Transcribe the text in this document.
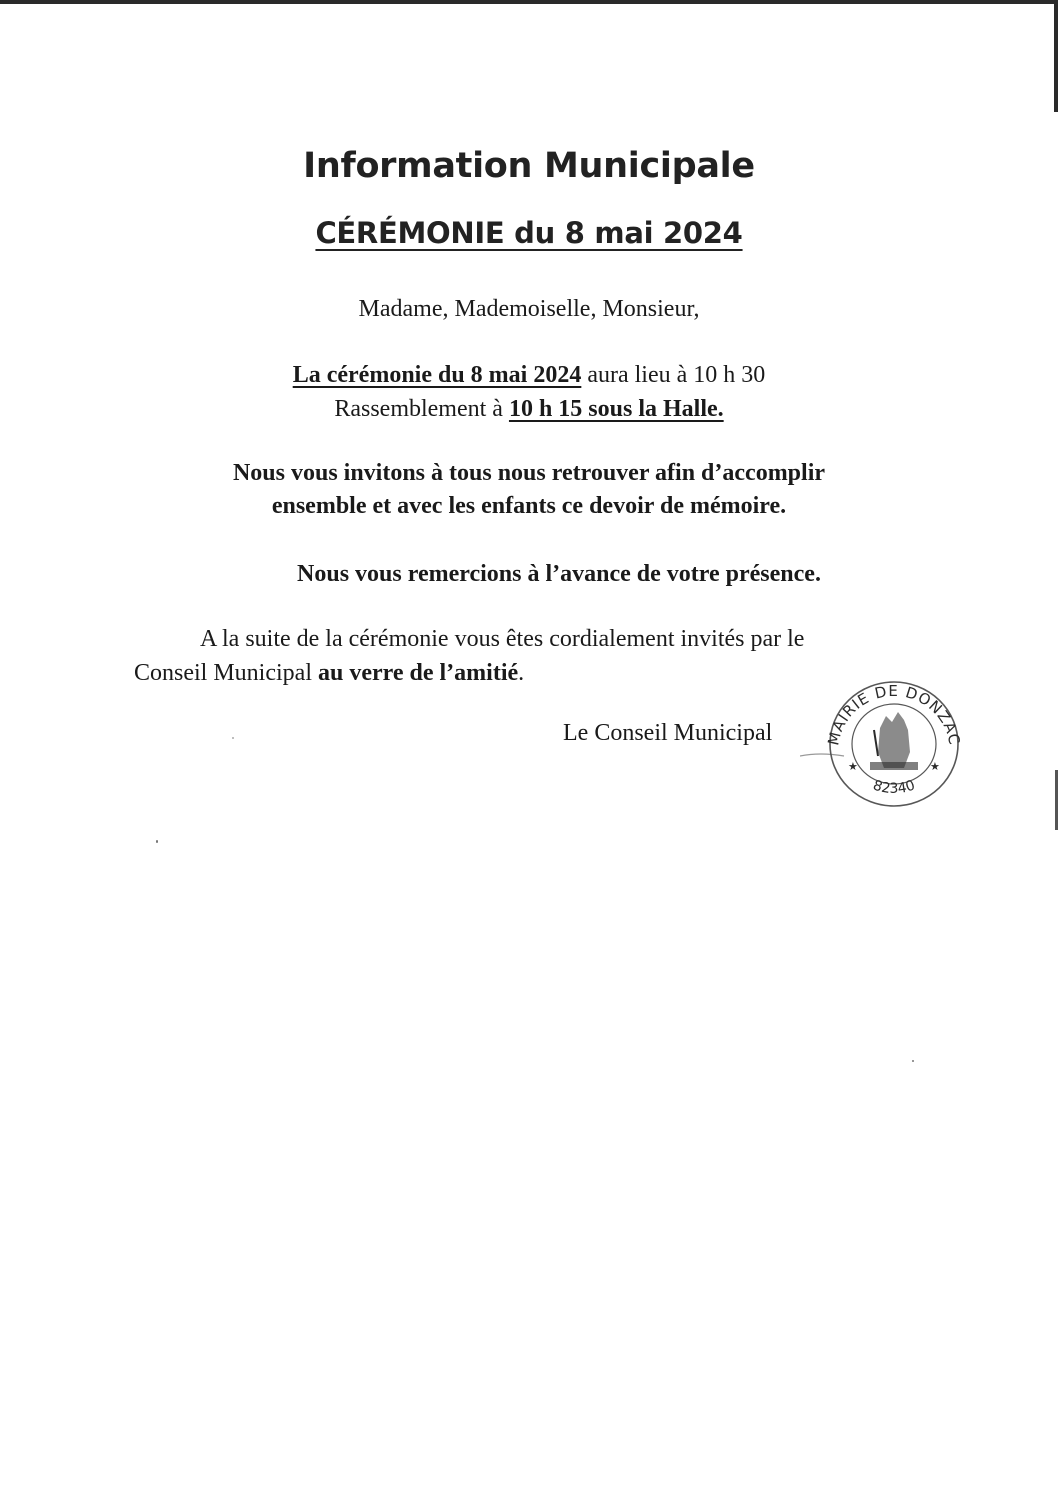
Information Municipale
CÉRÉMONIE du 8 mai 2024
Madame, Mademoiselle, Monsieur,
La cérémonie du 8 mai 2024 aura lieu à 10 h 30
Rassemblement à 10 h 15 sous la Halle.
Nous vous invitons à tous nous retrouver afin d’accomplir
ensemble et avec les enfants ce devoir de mémoire.
Nous vous remercions à l’avance de votre présence.
A la suite de la cérémonie vous êtes cordialement invités par le
Conseil Municipal au verre de l’amitié.
Le Conseil Municipal	MAIRIE DE DONZAC
82340
★	★
